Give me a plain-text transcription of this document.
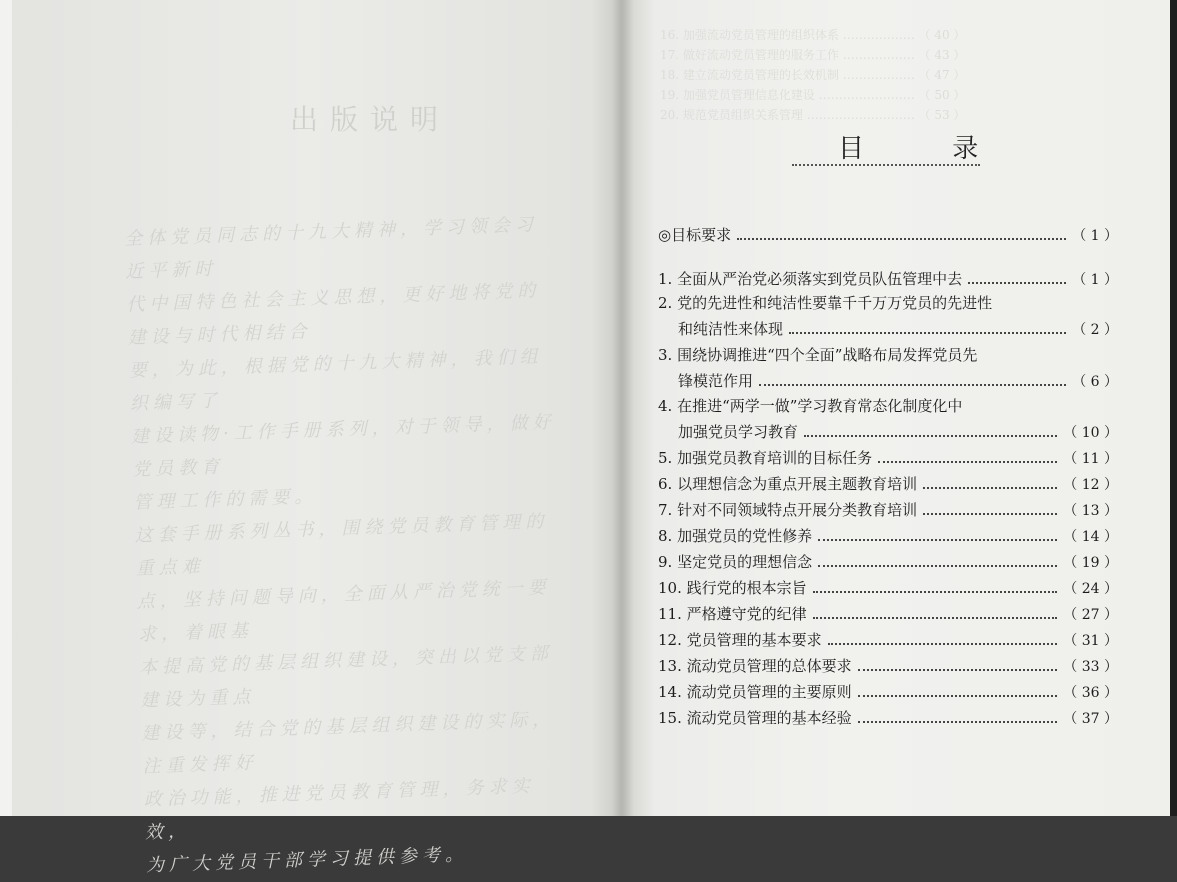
出版说明

全体党员同志的十九大精神，学习领会习近平新时

代中国特色社会主义思想，更好地将党的建设与时代相结合

要，为此，根据党的十九大精神，我们组织编写了

建设读物·工作手册系列，对于领导，做好党员教育

管理工作的需要。

这套手册系列丛书，围绕党员教育管理的重点难

点，坚持问题导向，全面从严治党统一要求，着眼基

本提高党的基层组织建设，突出以党支部建设为重点

建设等，结合党的基层组织建设的实际，注重发挥好

政治功能，推进党员教育管理，务求实效，

为广大党员干部学习提供参考。

16. 加强流动党员管理的组织体系 ……………… （ 40 ）
17. 做好流动党员管理的服务工作 ……………… （ 43 ）
18. 建立流动党员管理的长效机制 ……………… （ 47 ）
19. 加强党员管理信息化建设 …………………… （ 50 ）
20. 规范党员组织关系管理 ……………………… （ 53 ）
目 录
◎目标要求	（ 1 ）
1. 全面从严治党必须落实到党员队伍管理中去	（ 1 ）
2. 党的先进性和纯洁性要靠千千万万党员的先进性
和纯洁性来体现	（ 2 ）
3. 围绕协调推进“四个全面”战略布局发挥党员先
锋模范作用	（ 6 ）
4. 在推进“两学一做”学习教育常态化制度化中
加强党员学习教育	（ 10 ）
5. 加强党员教育培训的目标任务	（ 11 ）
6. 以理想信念为重点开展主题教育培训	（ 12 ）
7. 针对不同领域特点开展分类教育培训	（ 13 ）
8. 加强党员的党性修养	（ 14 ）
9. 坚定党员的理想信念	（ 19 ）
10. 践行党的根本宗旨	（ 24 ）
11. 严格遵守党的纪律	（ 27 ）
12. 党员管理的基本要求	（ 31 ）
13. 流动党员管理的总体要求	（ 33 ）
14. 流动党员管理的主要原则	（ 36 ）
15. 流动党员管理的基本经验	（ 37 ）
